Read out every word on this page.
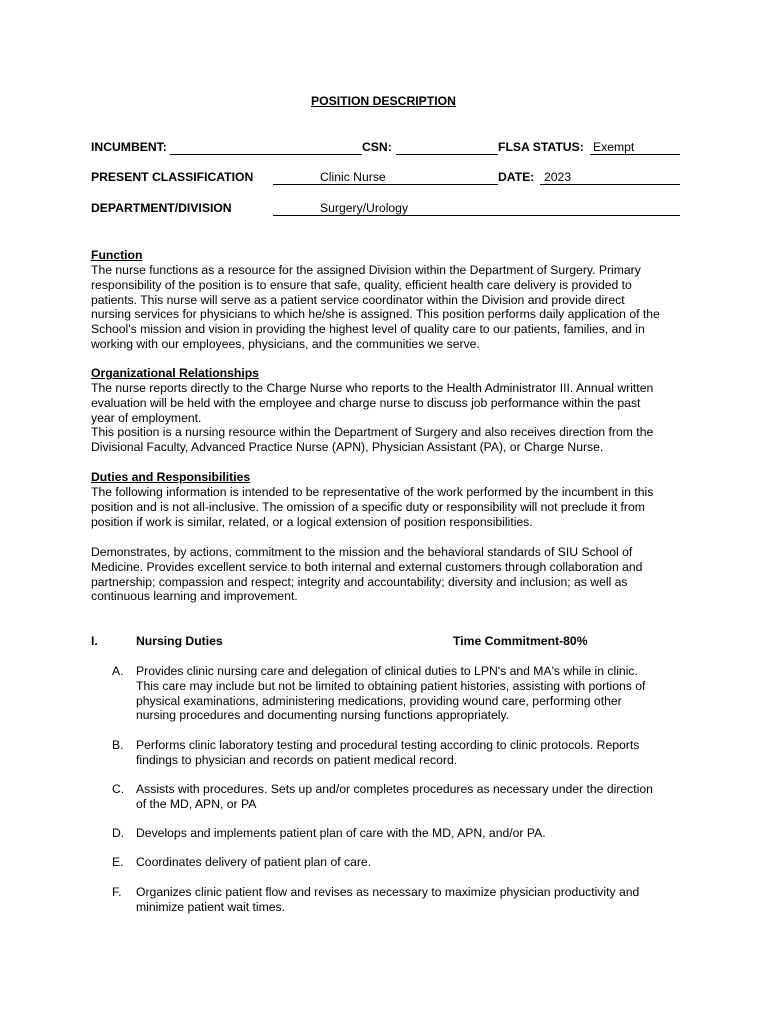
POSITION DESCRIPTION
INCUMBENT:	CSN:	FLSA STATUS: Exempt
PRESENT CLASSIFICATION	Clinic Nurse	DATE: 2023
DEPARTMENT/DIVISION	Surgery/Urology
Function

The nurse functions as a resource for the assigned Division within the Department of Surgery. Primary

responsibility of the position is to ensure that safe, quality, efficient health care delivery is provided to

patients. This nurse will serve as a patient service coordinator within the Division and provide direct

nursing services for physicians to which he/she is assigned. This position performs daily application of the

School's mission and vision in providing the highest level of quality care to our patients, families, and in

working with our employees, physicians, and the communities we serve.

Organizational Relationships

The nurse reports directly to the Charge Nurse who reports to the Health Administrator III. Annual written

evaluation will be held with the employee and charge nurse to discuss job performance within the past

year of employment.

This position is a nursing resource within the Department of Surgery and also receives direction from the

Divisional Faculty, Advanced Practice Nurse (APN), Physician Assistant (PA), or Charge Nurse.

Duties and Responsibilities

The following information is intended to be representative of the work performed by the incumbent in this

position and is not all-inclusive. The omission of a specific duty or responsibility will not preclude it from

position if work is similar, related, or a logical extension of position responsibilities.

Demonstrates, by actions, commitment to the mission and the behavioral standards of SIU School of

Medicine. Provides excellent service to both internal and external customers through collaboration and

partnership; compassion and respect; integrity and accountability; diversity and inclusion; as well as

continuous learning and improvement.

I.	Nursing Duties	Time Commitment-80%
A. Provides clinic nursing care and delegation of clinical duties to LPN's and MA's while in clinic.
This care may include but not be limited to obtaining patient histories, assisting with portions of
physical examinations, administering medications, providing wound care, performing other
nursing procedures and documenting nursing functions appropriately.
B. Performs clinic laboratory testing and procedural testing according to clinic protocols. Reports
findings to physician and records on patient medical record.
C. Assists with procedures. Sets up and/or completes procedures as necessary under the direction
of the MD, APN, or PA
D. Develops and implements patient plan of care with the MD, APN, and/or PA.
E. Coordinates delivery of patient plan of care.
F. Organizes clinic patient flow and revises as necessary to maximize physician productivity and
minimize patient wait times.
